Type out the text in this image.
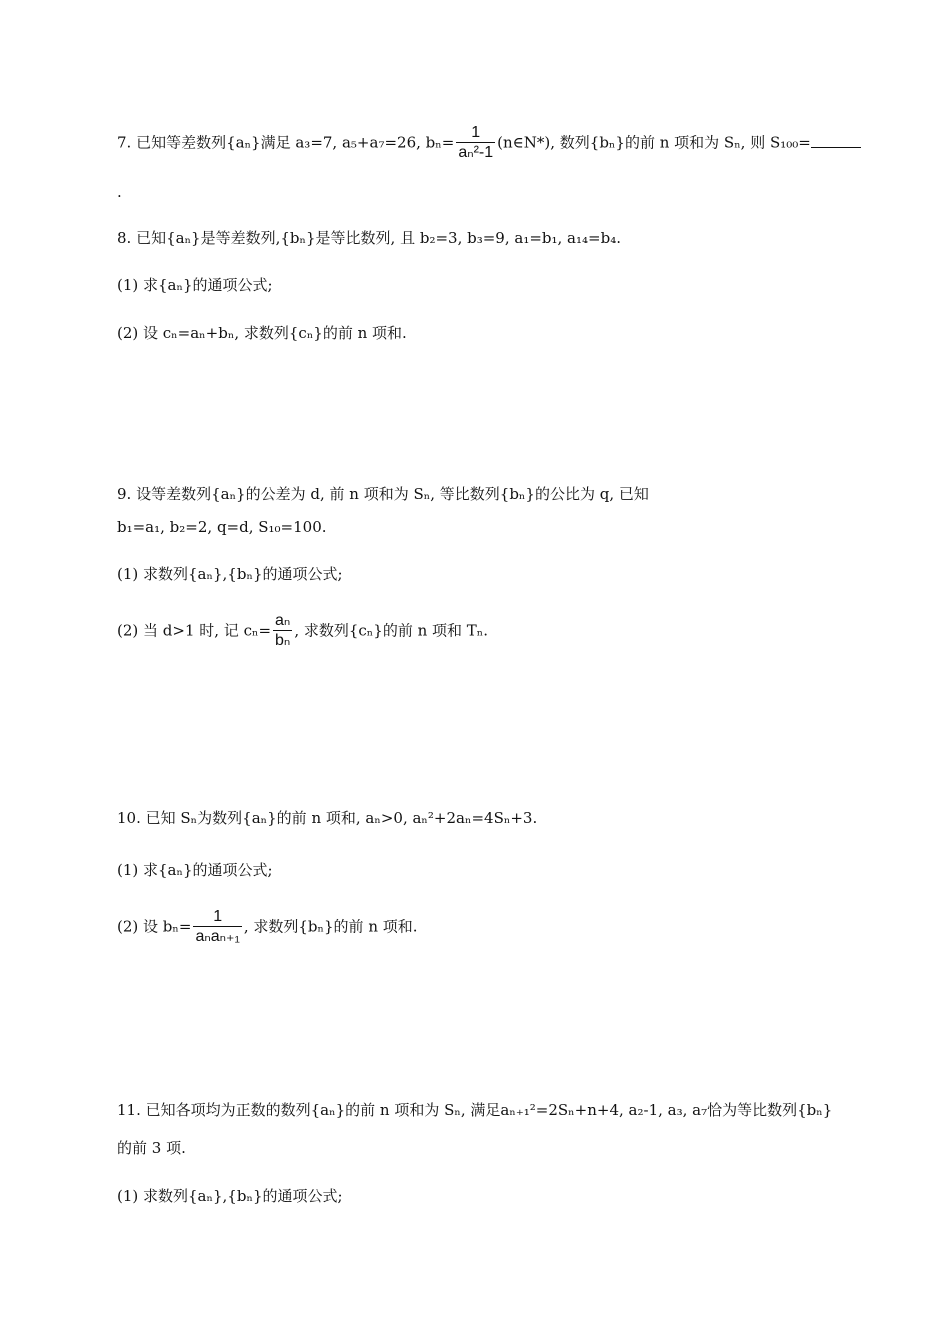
7. 已知等差数列{aₙ}满足 a₃=7, a₅+a₇=26, $b_n= \frac{1}{\text{aₙ²-1}}$ (n∈N*), 数列{bₙ}的前 n 项和为 Sₙ, 则 S₁₀₀=
.
8. 已知{aₙ}是等差数列,{bₙ}是等比数列, 且 b₂=3, b₃=9, a₁=b₁, a₁₄=b₄.
(1) 求{aₙ}的通项公式;
(2) 设 cₙ=aₙ+bₙ, 求数列{cₙ}的前 n 项和.
9. 设等差数列{aₙ}的公差为 d, 前 n 项和为 Sₙ, 等比数列{bₙ}的公比为 q, 已知
b₁=a₁, b₂=2, q=d, S₁₀=100.
(1) 求数列{aₙ},{bₙ}的通项公式;
(2) 当 d>1 时, 记 $c_n= \frac{\text{aₙ}}{\text{bₙ}}$ , 求数列{cₙ}的前 n 项和 Tₙ.
10. 已知 Sₙ为数列{aₙ}的前 n 项和, aₙ>0, aₙ²+2aₙ=4Sₙ+3.
(1) 求{aₙ}的通项公式;
(2) 设 $b_n= \frac{1}{\text{aₙaₙ₊₁}}$ , 求数列{bₙ}的前 n 项和.
11. 已知各项均为正数的数列{aₙ}的前 n 项和为 Sₙ, 满足aₙ₊₁²=2Sₙ+n+4, a₂-1, a₃, a₇恰为等比数列{bₙ}
的前 3 项.
(1) 求数列{aₙ},{bₙ}的通项公式;
